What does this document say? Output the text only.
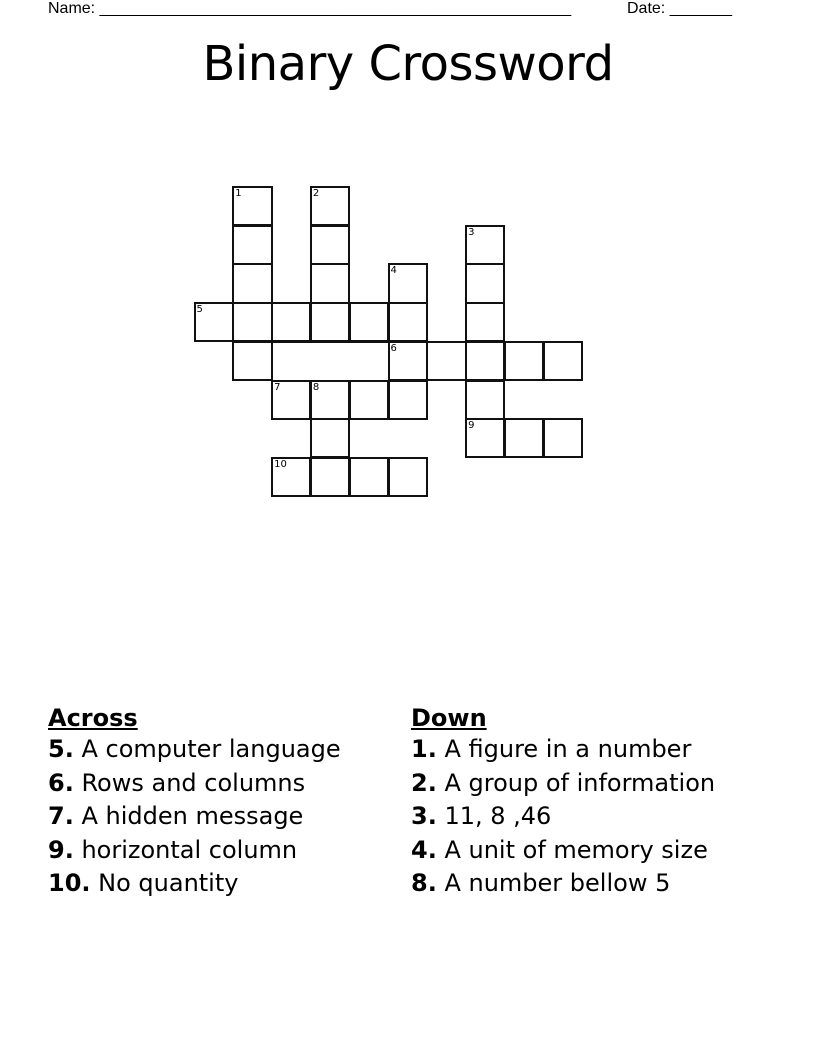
Name: _____________________________________________________	Date: _______
Binary Crossword
1	2
3
4
5
6
7	8
9
10
Across
5. A computer language
6. Rows and columns
7. A hidden message
9. horizontal column
10. No quantity
Down
1. A figure in a number
2. A group of information
3. 11, 8 ,46
4. A unit of memory size
8. A number bellow 5
